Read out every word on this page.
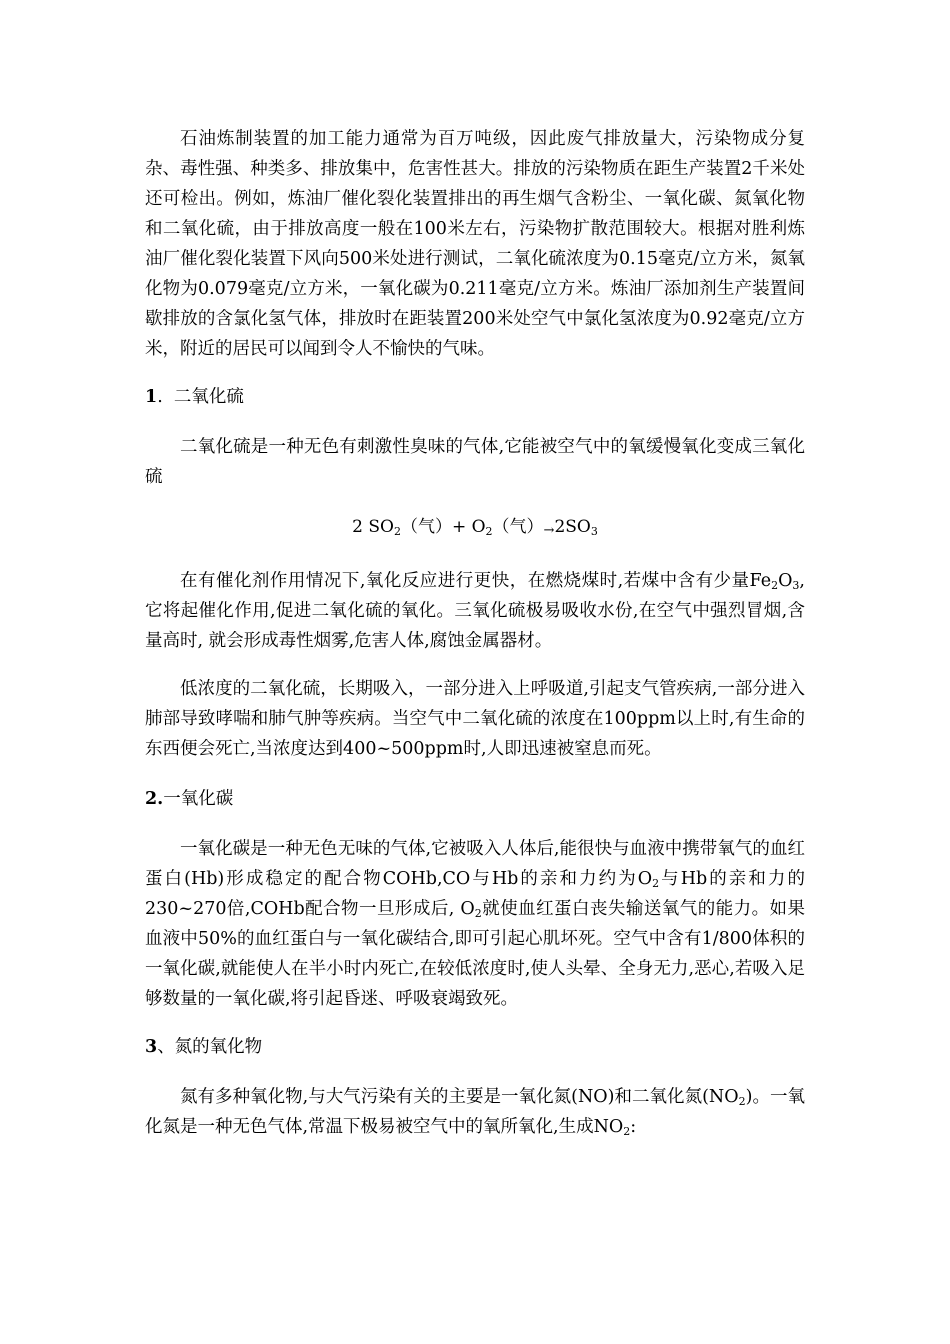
石油炼制装置的加工能力通常为百万吨级，因此废气排放量大，污染物成分复杂、毒性强、种类多、排放集中，危害性甚大。排放的污染物质在距生产装置2千米处还可检出。例如，炼油厂催化裂化装置排出的再生烟气含粉尘、一氧化碳、氮氧化物和二氧化硫，由于排放高度一般在100米左右，污染物扩散范围较大。根据对胜利炼油厂催化裂化装置下风向500米处进行测试，二氧化硫浓度为0.15毫克/立方米，氮氧化物为0.079毫克/立方米，一氧化碳为0.211毫克/立方米。炼油厂添加剂生产装置间歇排放的含氯化氢气体，排放时在距装置200米处空气中氯化氢浓度为0.92毫克/立方米，附近的居民可以闻到令人不愉快的气味。

1. 二氧化硫

二氧化硫是一种无色有刺激性臭味的气体,它能被空气中的氧缓慢氧化变成三氧化硫

2 $SO_2$（气）+ $O_2$（气）$\to 2SO_3$

在有催化剂作用情况下,氧化反应进行更快，在燃烧煤时,若煤中含有少量$Fe_2O_3$,它将起催化作用,促进二氧化硫的氧化。三氧化硫极易吸收水份,在空气中强烈冒烟,含量高时, 就会形成毒性烟雾,危害人体,腐蚀金属器材。

低浓度的二氧化硫，长期吸入，一部分进入上呼吸道,引起支气管疾病,一部分进入肺部导致哮喘和肺气肿等疾病。当空气中二氧化硫的浓度在100ppm以上时,有生命的东西便会死亡,当浓度达到400~500ppm时,人即迅速被窒息而死。

2.一氧化碳

一氧化碳是一种无色无味的气体,它被吸入人体后,能很快与血液中携带氧气的血红蛋白(Hb)形成稳定的配合物COHb,CO与Hb的亲和力约为$O_2$与Hb的亲和力的230~270倍,COHb配合物一旦形成后, $O_2$就使血红蛋白丧失输送氧气的能力。如果血液中50%的血红蛋白与一氧化碳结合,即可引起心肌坏死。空气中含有1/800体积的一氧化碳,就能使人在半小时内死亡,在较低浓度时,使人头晕、全身无力,恶心,若吸入足够数量的一氧化碳,将引起昏迷、呼吸衰竭致死。

3、氮的氧化物

氮有多种氧化物,与大气污染有关的主要是一氧化氮(NO)和二氧化氮$(NO_2)$。一氧化氮是一种无色气体,常温下极易被空气中的氧所氧化,生成$NO_2$:
